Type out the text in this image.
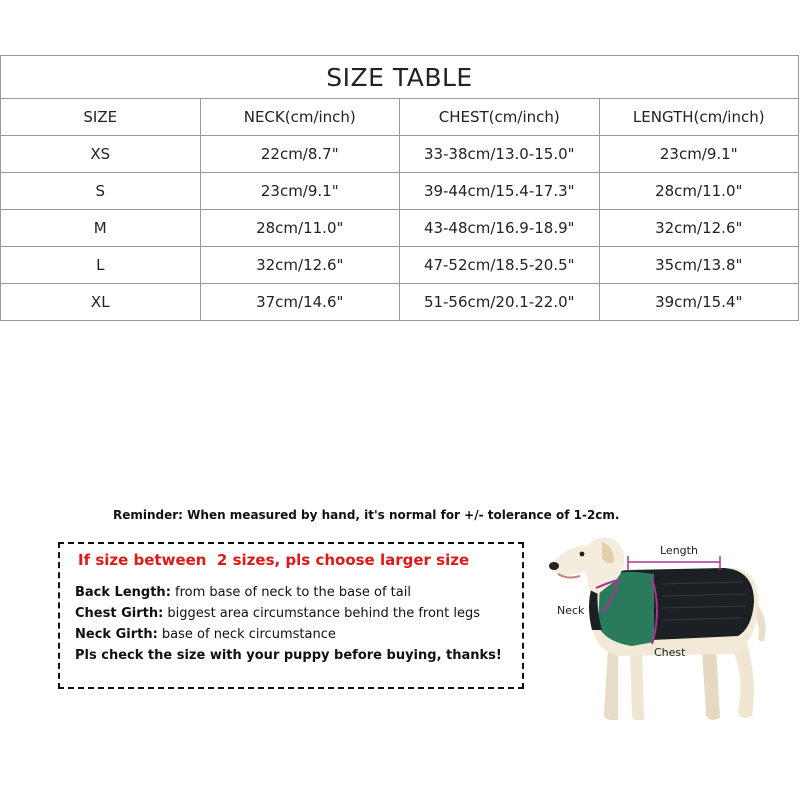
SIZE TABLE			
SIZE	NECK(cm/inch)	CHEST(cm/inch)	LENGTH(cm/inch)
XS	22cm/8.7"	33-38cm/13.0-15.0"	23cm/9.1"
S	23cm/9.1"	39-44cm/15.4-17.3"	28cm/11.0"
M	28cm/11.0"	43-48cm/16.9-18.9"	32cm/12.6"
L	32cm/12.6"	47-52cm/18.5-20.5"	35cm/13.8"
XL	37cm/14.6"	51-56cm/20.1-22.0"	39cm/15.4"
Reminder: When measured by hand, it's normal for +/- tolerance of 1-2cm.
If size between  2 sizes, pls choose larger size
Back Length: from base of neck to the base of tail
Chest Girth: biggest area circumstance behind the front legs
Neck Girth: base of neck circumstance
Pls check the size with your puppy before buying, thanks!
Length
Neck
Chest
